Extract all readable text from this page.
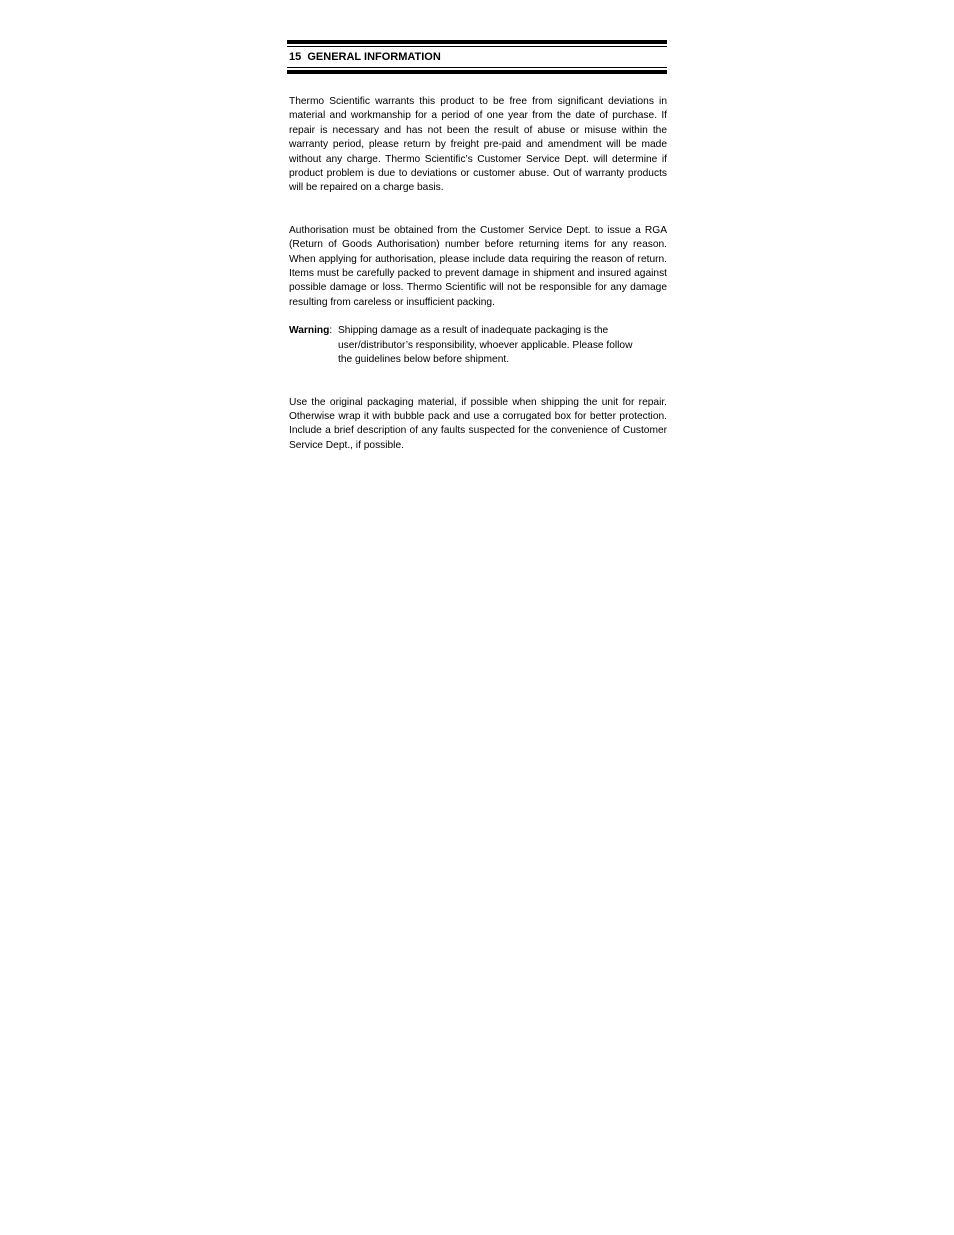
15 GENERAL INFORMATION

Thermo Scientific warrants this product to be free from significant deviations in material and workmanship for a period of one year from the date of purchase. If repair is necessary and has not been the result of abuse or misuse within the warranty period, please return by freight pre-paid and amendment will be made without any charge. Thermo Scientific’s Customer Service Dept. will determine if product problem is due to deviations or customer abuse. Out of warranty products will be repaired on a charge basis.

Authorisation must be obtained from the Customer Service Dept. to issue a RGA (Return of Goods Authorisation) number before returning items for any reason. When applying for authorisation, please include data requiring the reason of return. Items must be carefully packed to prevent damage in shipment and insured against possible damage or loss. Thermo Scientific will not be responsible for any damage resulting from careless or insufficient packing.

Warning: Shipping damage as a result of inadequate packaging is the user/distributor’s responsibility, whoever applicable. Please follow the guidelines below before shipment.

Use the original packaging material, if possible when shipping the unit for repair. Otherwise wrap it with bubble pack and use a corrugated box for better protection. Include a brief description of any faults suspected for the convenience of Customer Service Dept., if possible.
